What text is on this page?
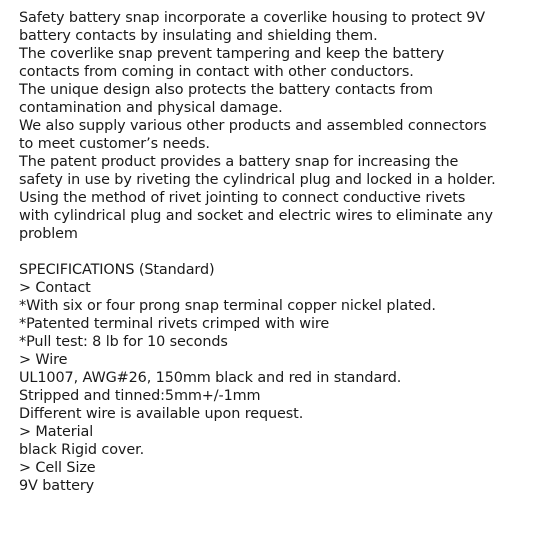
Safety battery snap incorporate a coverlike housing to protect 9V
battery contacts by insulating and shielding them.
The coverlike snap prevent tampering and keep the battery
contacts from coming in contact with other conductors.
The unique design also protects the battery contacts from
contamination and physical damage.
We also supply various other products and assembled connectors
to meet customer’s needs.
The patent product provides a battery snap for increasing the
safety in use by riveting the cylindrical plug and locked in a holder.
Using the method of rivet jointing to connect conductive rivets
with cylindrical plug and socket and electric wires to eliminate any
problem
SPECIFICATIONS (Standard)
> Contact
*With six or four prong snap terminal copper nickel plated.
*Patented terminal rivets crimped with wire
*Pull test: 8 lb for 10 seconds
> Wire
UL1007, AWG#26, 150mm black and red in standard.
Stripped and tinned:5mm+/-1mm
Different wire is available upon request.
> Material
black Rigid cover.
> Cell Size
9V battery
